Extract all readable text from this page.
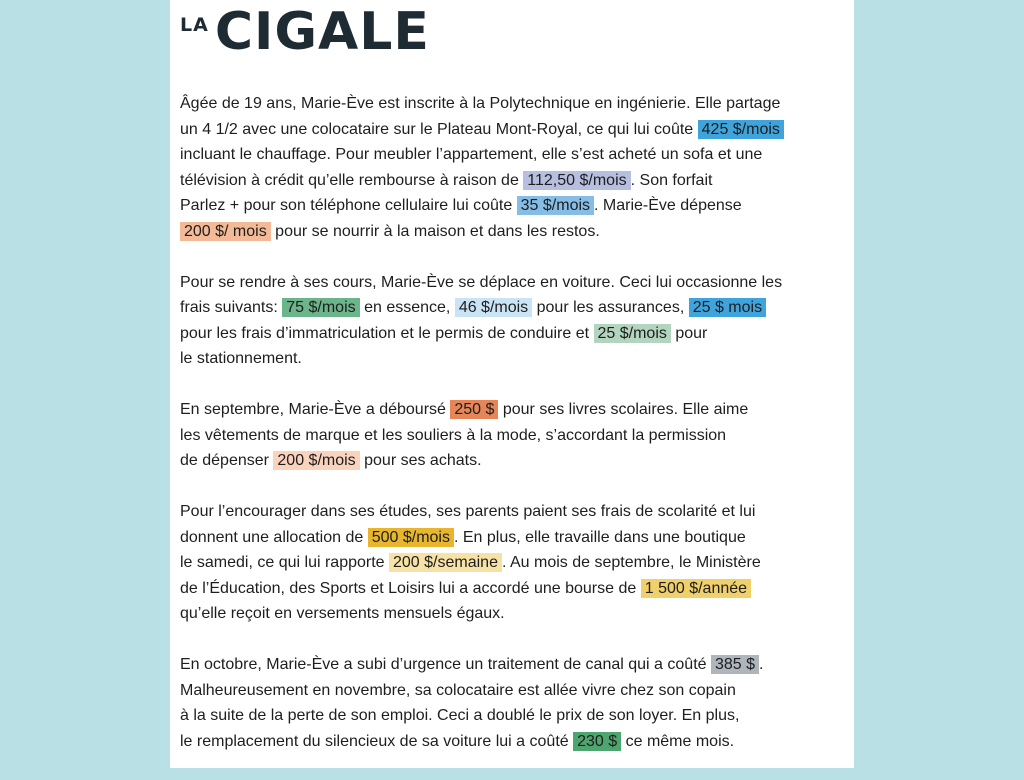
LA CIGALE
Âgée de 19 ans, Marie-Ève est inscrite à la Polytechnique en ingénierie. Elle partage
un 4 1/2 avec une colocataire sur le Plateau Mont-Royal, ce qui lui coûte 425 $/mois
incluant le chauffage. Pour meubler l’appartement, elle s’est acheté un sofa et une
télévision à crédit qu’elle rembourse à raison de 112,50 $/mois . Son forfait
Parlez + pour son téléphone cellulaire lui coûte 35 $/mois . Marie-Ève dépense
200 $/ mois pour se nourrir à la maison et dans les restos.
Pour se rendre à ses cours, Marie-Ève se déplace en voiture. Ceci lui occasionne les
frais suivants: 75 $/mois en essence, 46 $/mois pour les assurances, 25 $ mois
pour les frais d’immatriculation et le permis de conduire et 25 $/mois pour
le stationnement.
En septembre, Marie-Ève a déboursé 250 $ pour ses livres scolaires. Elle aime
les vêtements de marque et les souliers à la mode, s’accordant la permission
de dépenser 200 $/mois pour ses achats.
Pour l’encourager dans ses études, ses parents paient ses frais de scolarité et lui
donnent une allocation de 500 $/mois . En plus, elle travaille dans une boutique
le samedi, ce qui lui rapporte 200 $/semaine . Au mois de septembre, le Ministère
de l’Éducation, des Sports et Loisirs lui a accordé une bourse de 1 500 $/année
qu’elle reçoit en versements mensuels égaux.
En octobre, Marie-Ève a subi d’urgence un traitement de canal qui a coûté 385 $ .
Malheureusement en novembre, sa colocataire est allée vivre chez son copain
à la suite de la perte de son emploi. Ceci a doublé le prix de son loyer. En plus,
le remplacement du silencieux de sa voiture lui a coûté 230 $ ce même mois.
